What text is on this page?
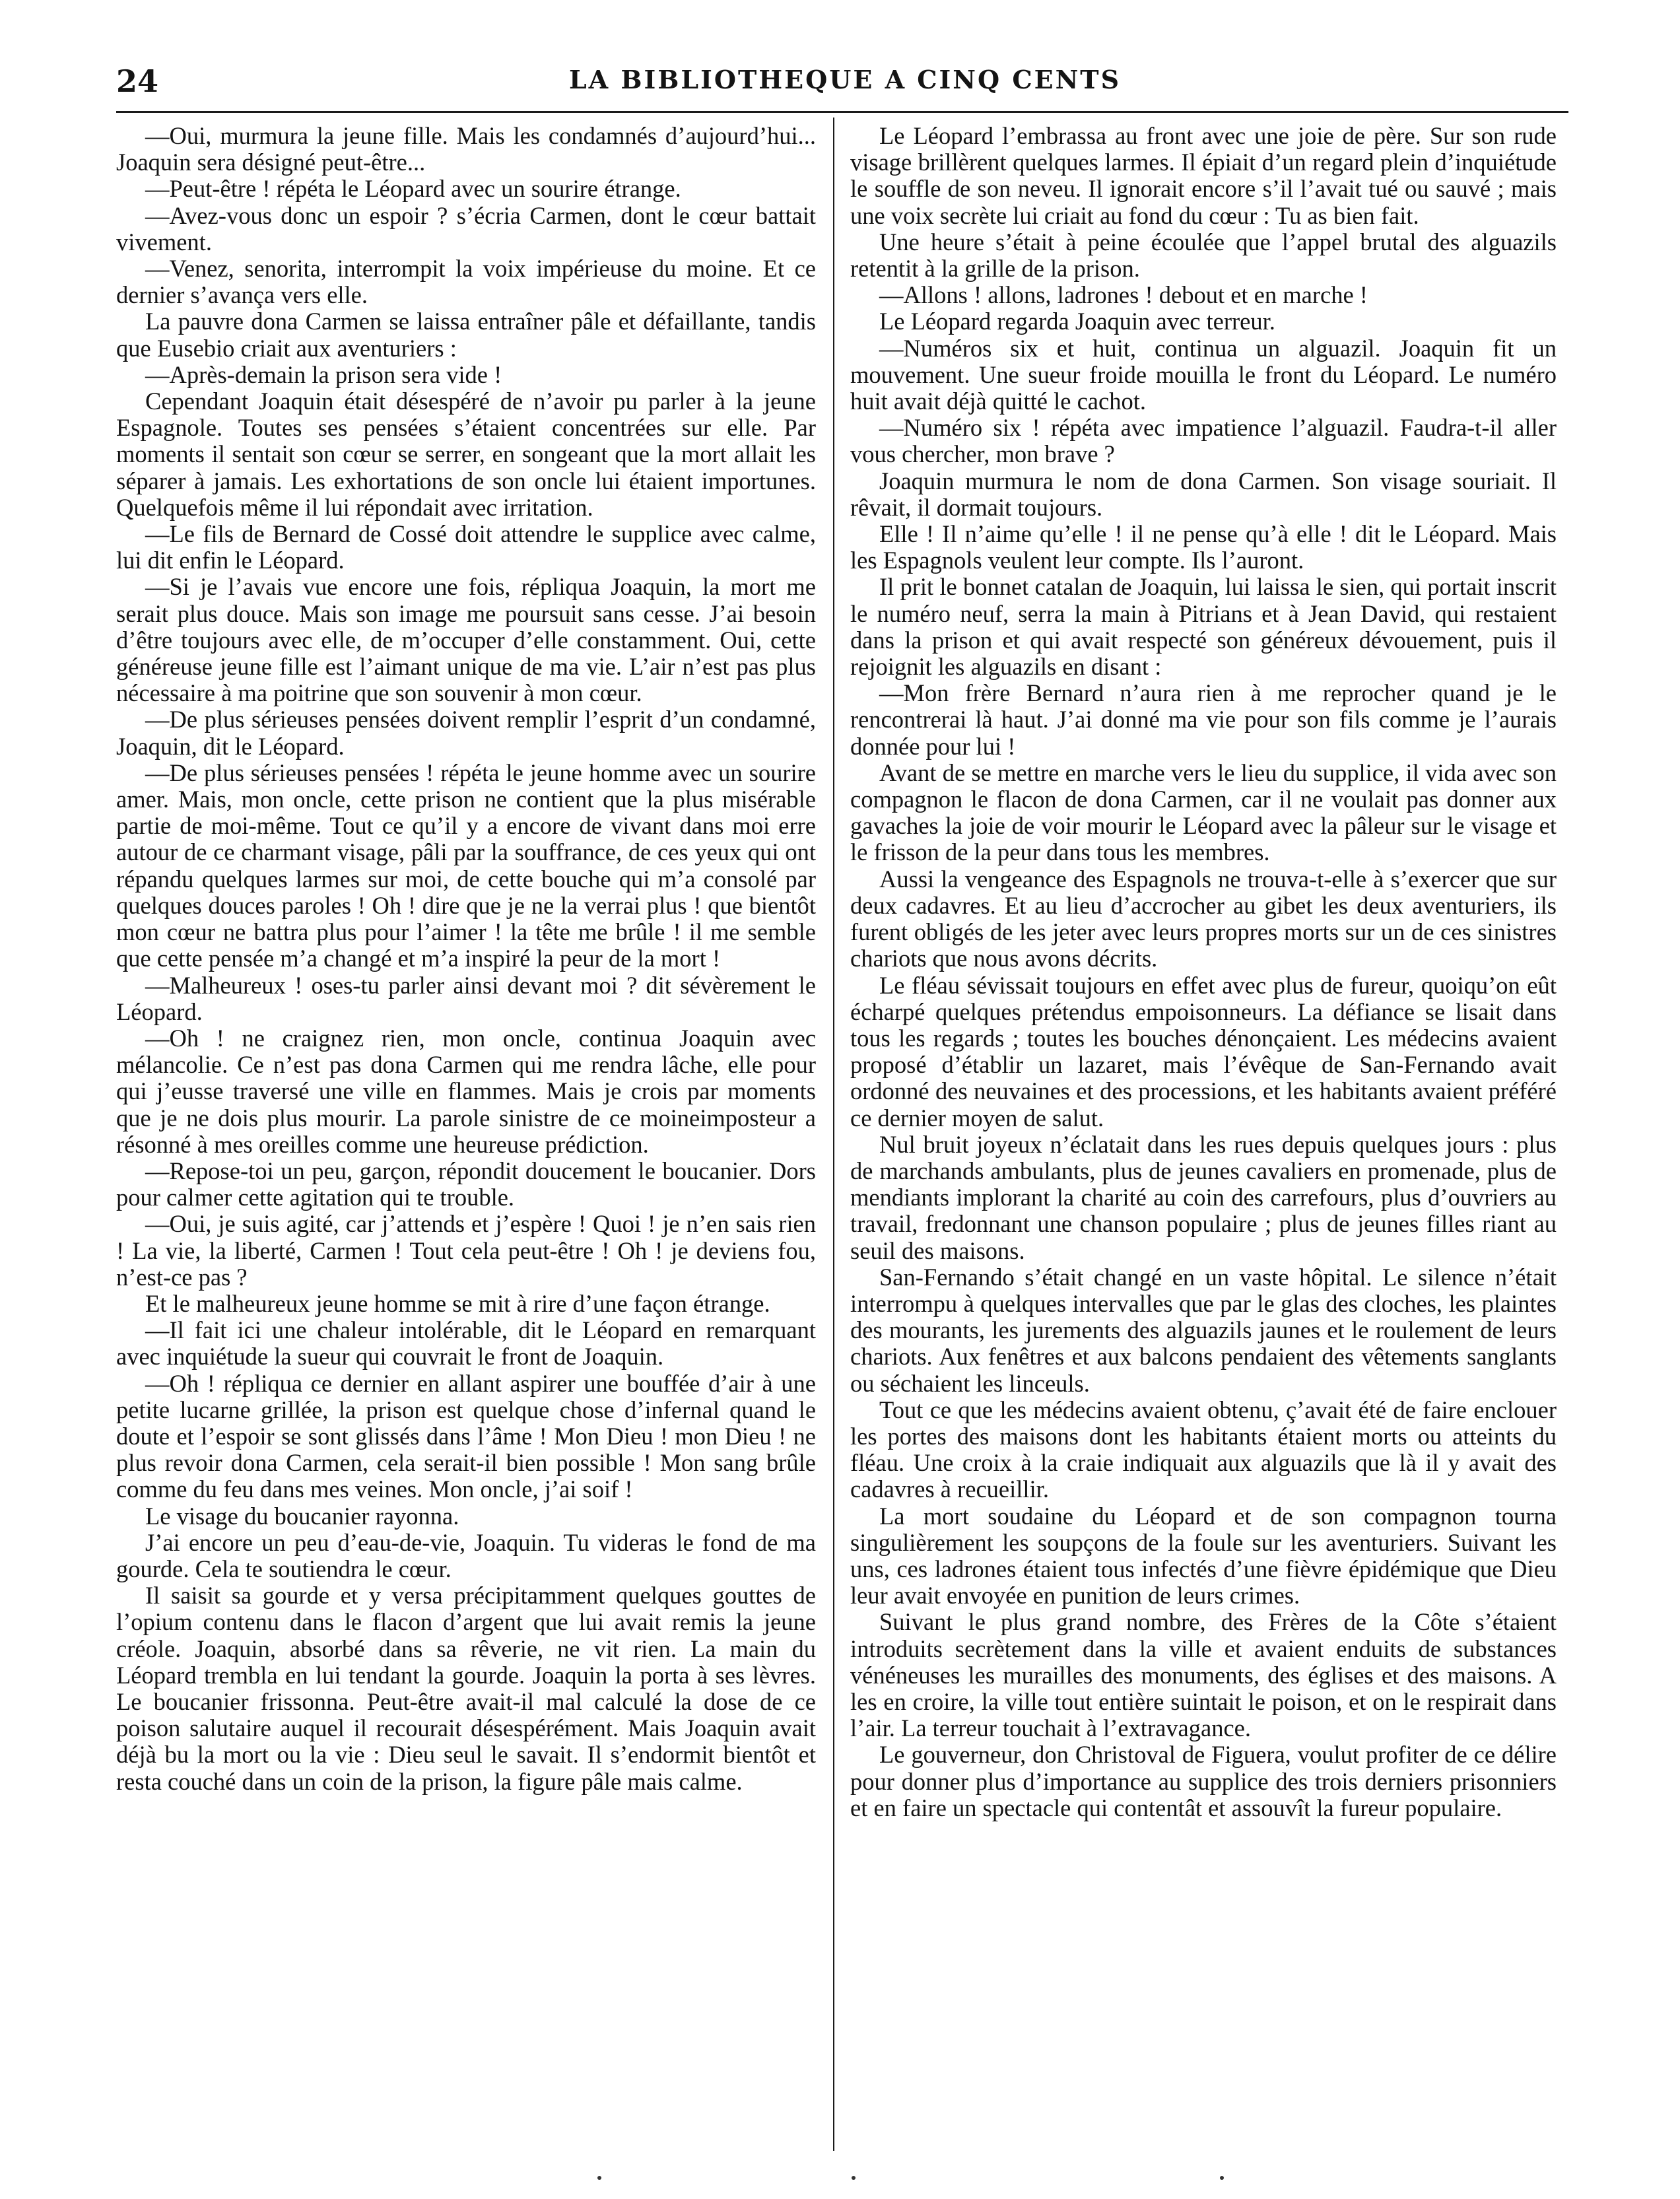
24	LA BIBLIOTHEQUE A CINQ CENTS

—Oui, murmura la jeune fille. Mais les condamnés d’aujourd’hui... Joaquin sera désigné peut-être...

—Peut-être ! répéta le Léopard avec un sourire étrange.

—Avez-vous donc un espoir ? s’écria Carmen, dont le cœur battait vivement.

—Venez, senorita, interrompit la voix impérieuse du moine. Et ce dernier s’avança vers elle.

La pauvre dona Carmen se laissa entraîner pâle et défaillante, tandis que Eusebio criait aux aventuriers :

—Après-demain la prison sera vide !

Cependant Joaquin était désespéré de n’avoir pu parler à la jeune Espagnole. Toutes ses pensées s’étaient concentrées sur elle. Par moments il sentait son cœur se serrer, en songeant que la mort allait les séparer à jamais. Les exhortations de son oncle lui étaient importunes. Quelquefois même il lui répondait avec irritation.

—Le fils de Bernard de Cossé doit attendre le supplice avec calme, lui dit enfin le Léopard.

—Si je l’avais vue encore une fois, répliqua Joaquin, la mort me serait plus douce. Mais son image me poursuit sans cesse. J’ai besoin d’être toujours avec elle, de m’occuper d’elle constamment. Oui, cette généreuse jeune fille est l’aimant unique de ma vie. L’air n’est pas plus nécessaire à ma poitrine que son souvenir à mon cœur.

—De plus sérieuses pensées doivent remplir l’esprit d’un condamné, Joaquin, dit le Léopard.

—De plus sérieuses pensées ! répéta le jeune homme avec un sourire amer. Mais, mon oncle, cette prison ne contient que la plus misérable partie de moi-même. Tout ce qu’il y a encore de vivant dans moi erre autour de ce charmant visage, pâli par la souffrance, de ces yeux qui ont répandu quelques larmes sur moi, de cette bouche qui m’a consolé par quelques douces paroles ! Oh ! dire que je ne la verrai plus ! que bientôt mon cœur ne battra plus pour l’aimer ! la tête me brûle ! il me semble que cette pensée m’a changé et m’a inspiré la peur de la mort !

—Malheureux ! oses-tu parler ainsi devant moi ? dit sévèrement le Léopard.

—Oh ! ne craignez rien, mon oncle, continua Joaquin avec mélancolie. Ce n’est pas dona Carmen qui me rendra lâche, elle pour qui j’eusse traversé une ville en flammes. Mais je crois par moments que je ne dois plus mourir. La parole sinistre de ce moineimposteur a résonné à mes oreilles comme une heureuse prédiction.

—Repose-toi un peu, garçon, répondit doucement le boucanier. Dors pour calmer cette agitation qui te trouble.

—Oui, je suis agité, car j’attends et j’espère ! Quoi ! je n’en sais rien ! La vie, la liberté, Carmen ! Tout cela peut-être ! Oh ! je deviens fou, n’est-ce pas ?

Et le malheureux jeune homme se mit à rire d’une façon étrange.

—Il fait ici une chaleur intolérable, dit le Léopard en remarquant avec inquiétude la sueur qui couvrait le front de Joaquin.

—Oh ! répliqua ce dernier en allant aspirer une bouffée d’air à une petite lucarne grillée, la prison est quelque chose d’infernal quand le doute et l’espoir se sont glissés dans l’âme ! Mon Dieu ! mon Dieu ! ne plus revoir dona Carmen, cela serait-il bien possible ! Mon sang brûle comme du feu dans mes veines. Mon oncle, j’ai soif !

Le visage du boucanier rayonna.

J’ai encore un peu d’eau-de-vie, Joaquin. Tu videras le fond de ma gourde. Cela te soutiendra le cœur.

Il saisit sa gourde et y versa précipitamment quelques gouttes de l’opium contenu dans le flacon d’argent que lui avait remis la jeune créole. Joaquin, absorbé dans sa rêverie, ne vit rien. La main du Léopard trembla en lui tendant la gourde. Joaquin la porta à ses lèvres. Le boucanier frissonna. Peut-être avait-il mal calculé la dose de ce poison salutaire auquel il recourait désespérément. Mais Joaquin avait déjà bu la mort ou la vie : Dieu seul le savait. Il s’endormit bientôt et resta couché dans un coin de la prison, la figure pâle mais calme.

Le Léopard l’embrassa au front avec une joie de père. Sur son rude visage brillèrent quelques larmes. Il épiait d’un regard plein d’inquiétude le souffle de son neveu. Il ignorait encore s’il l’avait tué ou sauvé ; mais une voix secrète lui criait au fond du cœur : Tu as bien fait.

Une heure s’était à peine écoulée que l’appel brutal des alguazils retentit à la grille de la prison.

—Allons ! allons, ladrones ! debout et en marche !

Le Léopard regarda Joaquin avec terreur.

—Numéros six et huit, continua un alguazil. Joaquin fit un mouvement. Une sueur froide mouilla le front du Léopard. Le numéro huit avait déjà quitté le cachot.

—Numéro six ! répéta avec impatience l’alguazil. Faudra-t-il aller vous chercher, mon brave ?

Joaquin murmura le nom de dona Carmen. Son visage souriait. Il rêvait, il dormait toujours.

Elle ! Il n’aime qu’elle ! il ne pense qu’à elle ! dit le Léopard. Mais les Espagnols veulent leur compte. Ils l’auront.

Il prit le bonnet catalan de Joaquin, lui laissa le sien, qui portait inscrit le numéro neuf, serra la main à Pitrians et à Jean David, qui restaient dans la prison et qui avait respecté son généreux dévouement, puis il rejoignit les alguazils en disant :

—Mon frère Bernard n’aura rien à me reprocher quand je le rencontrerai là haut. J’ai donné ma vie pour son fils comme je l’aurais donnée pour lui !

Avant de se mettre en marche vers le lieu du supplice, il vida avec son compagnon le flacon de dona Carmen, car il ne voulait pas donner aux gavaches la joie de voir mourir le Léopard avec la pâleur sur le visage et le frisson de la peur dans tous les membres.

Aussi la vengeance des Espagnols ne trouva-t-elle à s’exercer que sur deux cadavres. Et au lieu d’accrocher au gibet les deux aventuriers, ils furent obligés de les jeter avec leurs propres morts sur un de ces sinistres chariots que nous avons décrits.

Le fléau sévissait toujours en effet avec plus de fureur, quoiqu’on eût écharpé quelques prétendus empoisonneurs. La défiance se lisait dans tous les regards ; toutes les bouches dénonçaient. Les médecins avaient proposé d’établir un lazaret, mais l’évêque de San-Fernando avait ordonné des neuvaines et des processions, et les habitants avaient préféré ce dernier moyen de salut.

Nul bruit joyeux n’éclatait dans les rues depuis quelques jours : plus de marchands ambulants, plus de jeunes cavaliers en promenade, plus de mendiants implorant la charité au coin des carrefours, plus d’ouvriers au travail, fredonnant une chanson populaire ; plus de jeunes filles riant au seuil des maisons.

San-Fernando s’était changé en un vaste hôpital. Le silence n’était interrompu à quelques intervalles que par le glas des cloches, les plaintes des mourants, les jurements des alguazils jaunes et le roulement de leurs chariots. Aux fenêtres et aux balcons pendaient des vêtements sanglants ou séchaient les linceuls.

Tout ce que les médecins avaient obtenu, ç’avait été de faire enclouer les portes des maisons dont les habitants étaient morts ou atteints du fléau. Une croix à la craie indiquait aux alguazils que là il y avait des cadavres à recueillir.

La mort soudaine du Léopard et de son compagnon tourna singulièrement les soupçons de la foule sur les aventuriers. Suivant les uns, ces ladrones étaient tous infectés d’une fièvre épidémique que Dieu leur avait envoyée en punition de leurs crimes.

Suivant le plus grand nombre, des Frères de la Côte s’étaient introduits secrètement dans la ville et avaient enduits de substances vénéneuses les murailles des monuments, des églises et des maisons. A les en croire, la ville tout entière suintait le poison, et on le respirait dans l’air. La terreur touchait à l’extravagance.

Le gouverneur, don Christoval de Figuera, voulut profiter de ce délire pour donner plus d’importance au supplice des trois derniers prisonniers et en faire un spectacle qui contentât et assouvît la fureur populaire.
